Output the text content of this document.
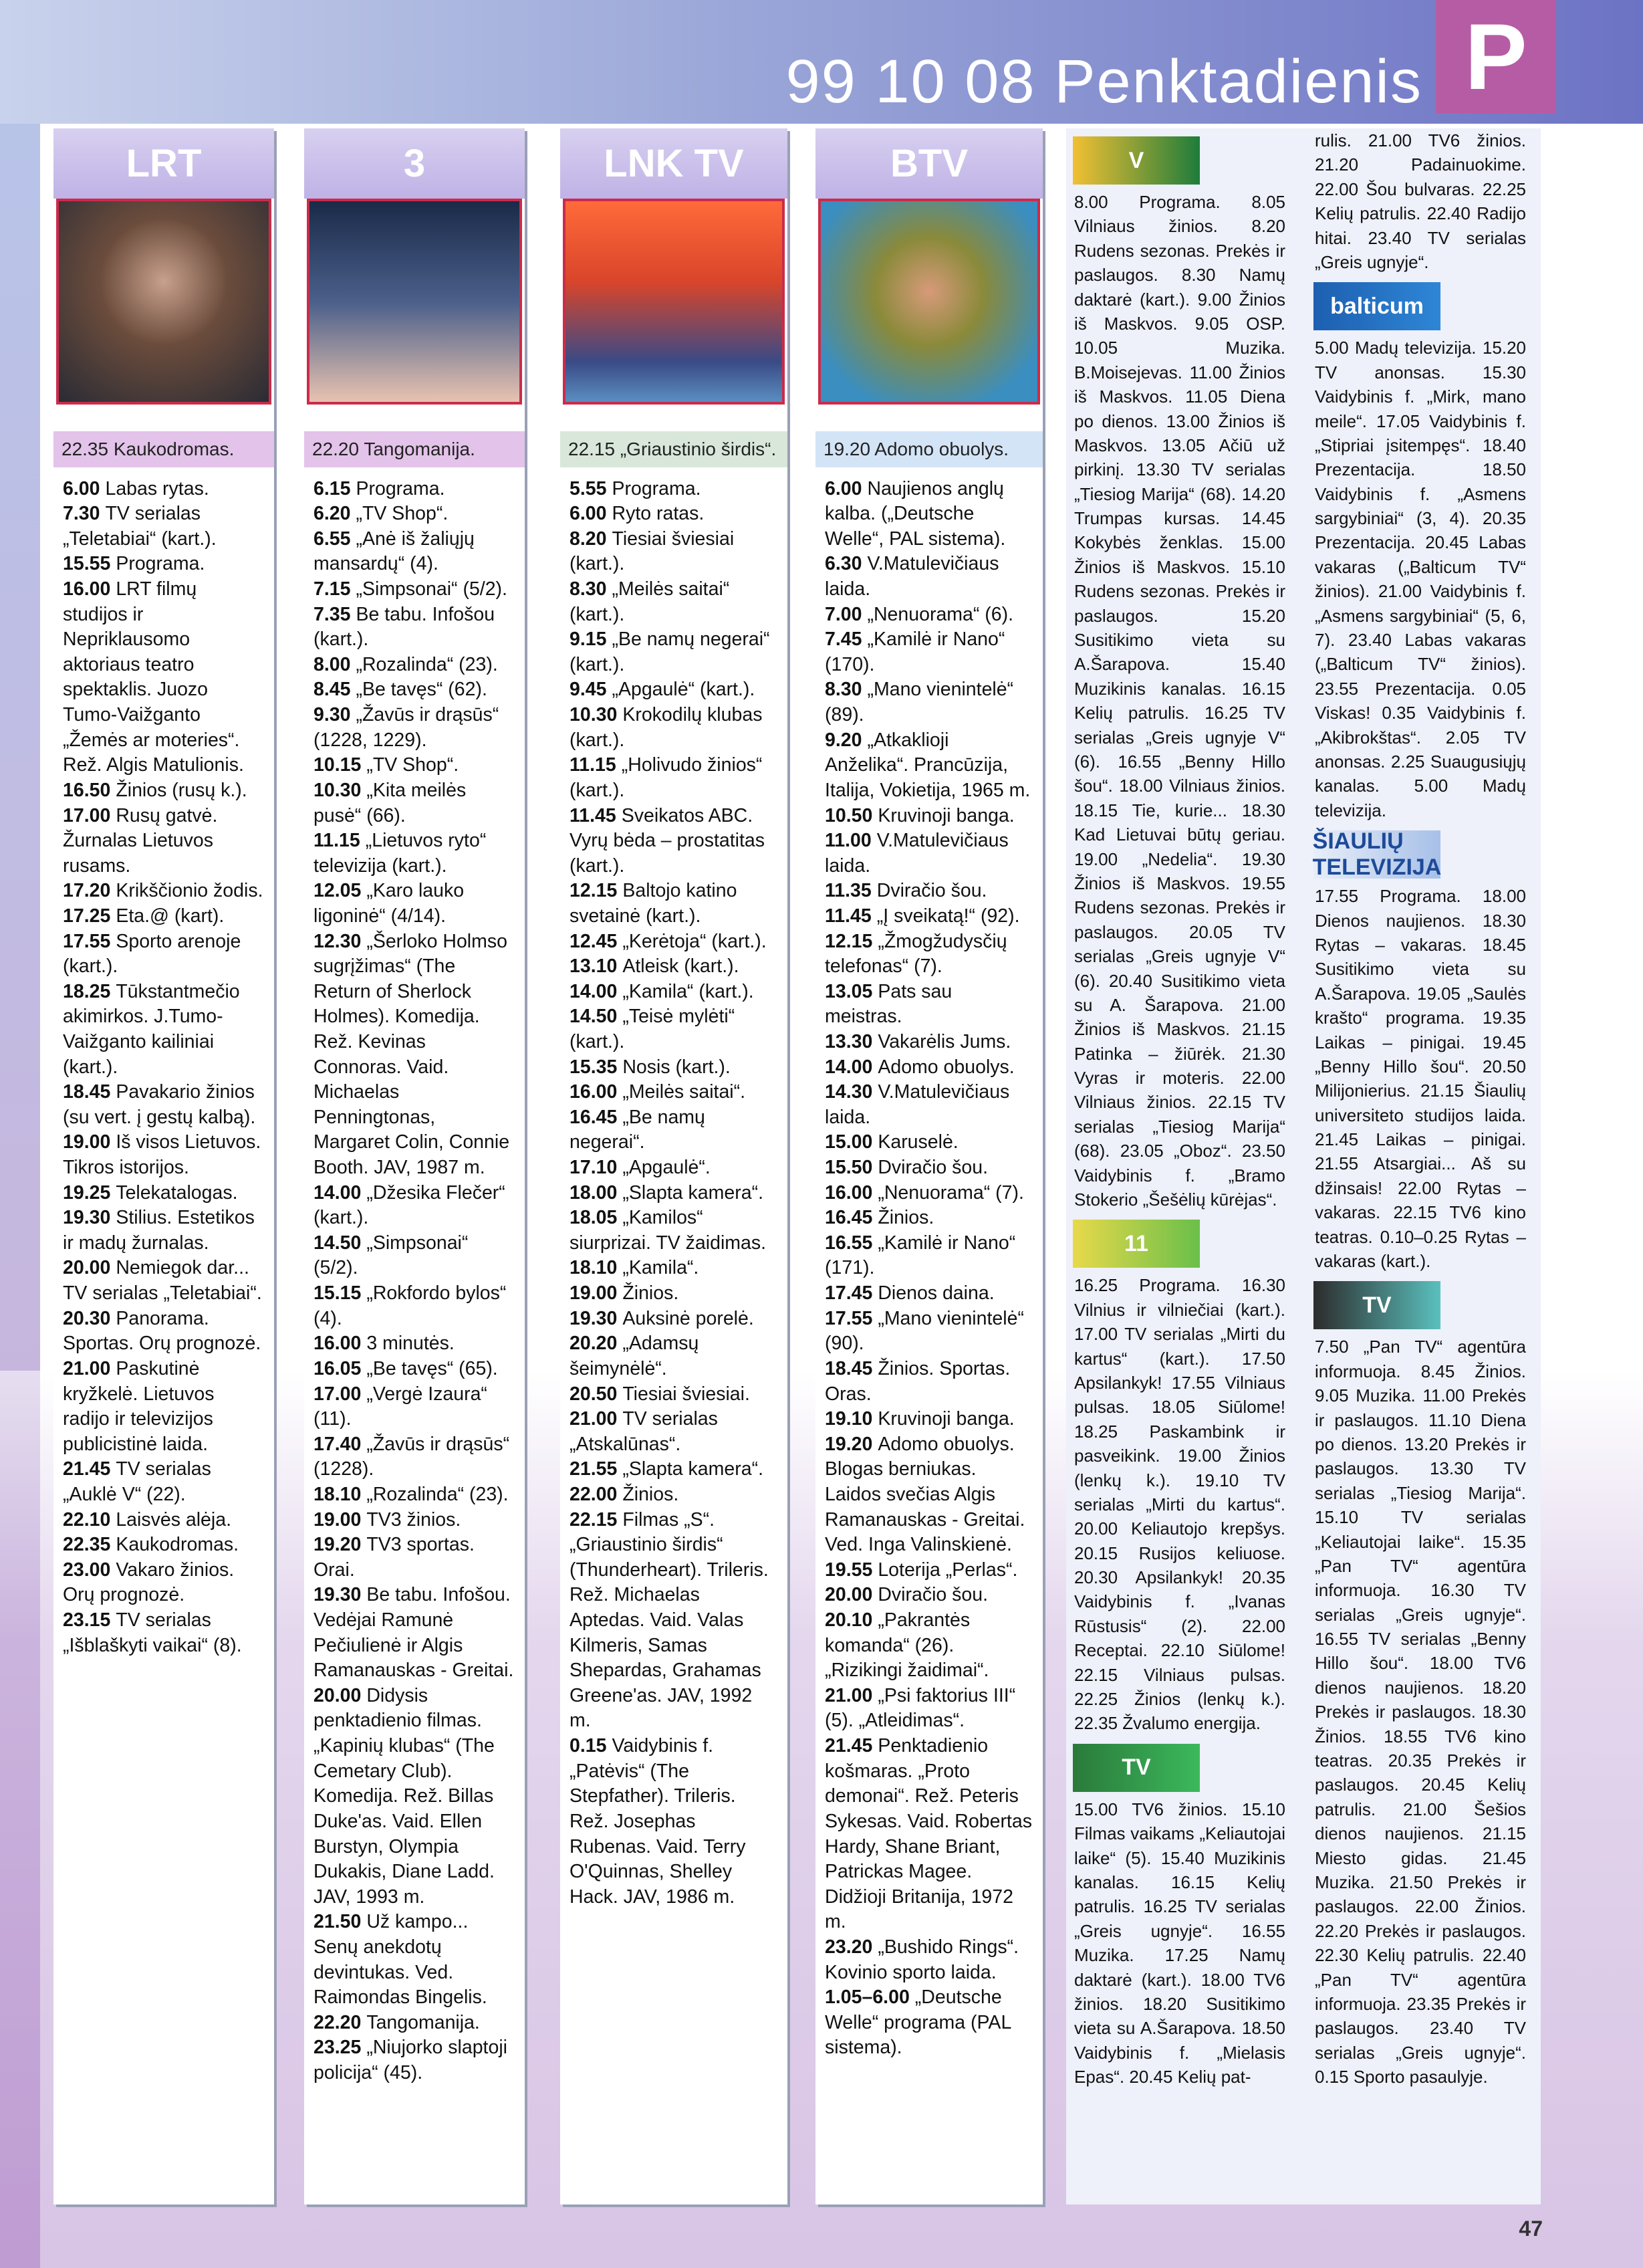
99 10 08 Penktadienis P
47
LRT
22.35 Kaukodromas.
6.00 Labas rytas.
7.30 TV serialas „Teletabiai“ (kart.).
15.55 Programa.
16.00 LRT filmų studijos ir Nepriklausomo aktoriaus teatro spektaklis. Juozo Tumo-Vaižganto „Žemės ar moteries“. Rež. Algis Matulionis.
16.50 Žinios (rusų k.).
17.00 Rusų gatvė. Žurnalas Lietuvos rusams.
17.20 Krikščionio žodis.
17.25 Eta.@ (kart).
17.55 Sporto arenoje (kart.).
18.25 Tūkstantmečio akimirkos. J.Tumo-Vaižganto kailiniai (kart.).
18.45 Pavakario žinios (su vert. į gestų kalbą).
19.00 Iš visos Lietuvos. Tikros istorijos.
19.25 Telekatalogas.
19.30 Stilius. Estetikos ir madų žurnalas.
20.00 Nemiegok dar... TV serialas „Teletabiai“.
20.30 Panorama. Sportas. Orų prognozė.
21.00 Paskutinė kryžkelė. Lietuvos radijo ir televizijos publicistinė laida.
21.45 TV serialas „Auklė V“ (22).
22.10 Laisvės alėja.
22.35 Kaukodromas.
23.00 Vakaro žinios. Orų prognozė.
23.15 TV serialas „Išblaškyti vaikai“ (8).
3
22.20 Tangomanija.
6.15 Programa.
6.20 „TV Shop“.
6.55 „Anė iš žaliųjų mansardų“ (4).
7.15 „Simpsonai“ (5/2).
7.35 Be tabu. Infošou (kart.).
8.00 „Rozalinda“ (23).
8.45 „Be tavęs“ (62).
9.30 „Žavūs ir drąsūs“ (1228, 1229).
10.15 „TV Shop“.
10.30 „Kita meilės pusė“ (66).
11.15 „Lietuvos ryto“ televizija (kart.).
12.05 „Karo lauko ligoninė“ (4/14).
12.30 „Šerloko Holmso sugrįžimas“ (The Return of Sherlock Holmes). Komedija. Rež. Kevinas Connoras. Vaid. Michaelas Penningtonas, Margaret Colin, Connie Booth. JAV, 1987 m.
14.00 „Džesika Flečer“ (kart.).
14.50 „Simpsonai“ (5/2).
15.15 „Rokfordo bylos“ (4).
16.00 3 minutės.
16.05 „Be tavęs“ (65).
17.00 „Vergė Izaura“ (11).
17.40 „Žavūs ir drąsūs“ (1228).
18.10 „Rozalinda“ (23).
19.00 TV3 žinios.
19.20 TV3 sportas. Orai.
19.30 Be tabu. Infošou. Vedėjai Ramunė Pečiulienė ir Algis Ramanauskas - Greitai.
20.00 Didysis penktadienio filmas. „Kapinių klubas“ (The Cemetary Club). Komedija. Rež. Billas Duke'as. Vaid. Ellen Burstyn, Olympia Dukakis, Diane Ladd. JAV, 1993 m.
21.50 Už kampo... Senų anekdotų devintukas. Ved. Raimondas Bingelis.
22.20 Tangomanija.
23.25 „Niujorko slaptoji policija“ (45).
LNK TV
22.15 „Griaustinio širdis“.
5.55 Programa.
6.00 Ryto ratas.
8.20 Tiesiai šviesiai (kart.).
8.30 „Meilės saitai“ (kart.).
9.15 „Be namų negerai“ (kart.).
9.45 „Apgaulė“ (kart.).
10.30 Krokodilų klubas (kart.).
11.15 „Holivudo žinios“ (kart.).
11.45 Sveikatos ABC. Vyrų bėda – prostatitas (kart.).
12.15 Baltojo katino svetainė (kart.).
12.45 „Kerėtoja“ (kart.).
13.10 Atleisk (kart.).
14.00 „Kamila“ (kart.).
14.50 „Teisė mylėti“ (kart.).
15.35 Nosis (kart.).
16.00 „Meilės saitai“.
16.45 „Be namų negerai“.
17.10 „Apgaulė“.
18.00 „Slapta kamera“.
18.05 „Kamilos“ siurprizai. TV žaidimas.
18.10 „Kamila“.
19.00 Žinios.
19.30 Auksinė porelė.
20.20 „Adamsų šeimynėlė“.
20.50 Tiesiai šviesiai.
21.00 TV serialas „Atskalūnas“.
21.55 „Slapta kamera“.
22.00 Žinios.
22.15 Filmas „S“. „Griaustinio širdis“ (Thunderheart). Trileris. Rež. Michaelas Aptedas. Vaid. Valas Kilmeris, Samas Shepardas, Grahamas Greene'as. JAV, 1992 m.
0.15 Vaidybinis f. „Patėvis“ (The Stepfather). Trileris. Rež. Josephas Rubenas. Vaid. Terry O'Quinnas, Shelley Hack. JAV, 1986 m.
BTV
19.20 Adomo obuolys.
6.00 Naujienos anglų kalba. („Deutsche Welle“, PAL sistema).
6.30 V.Matulevičiaus laida.
7.00 „Nenuorama“ (6).
7.45 „Kamilė ir Nano“ (170).
8.30 „Mano vienintelė“ (89).
9.20 „Atkaklioji Anželika“. Prancūzija, Italija, Vokietija, 1965 m.
10.50 Kruvinoji banga.
11.00 V.Matulevičiaus laida.
11.35 Dviračio šou.
11.45 „Į sveikatą!“ (92).
12.15 „Žmogžudysčių telefonas“ (7).
13.05 Pats sau meistras.
13.30 Vakarėlis Jums.
14.00 Adomo obuolys.
14.30 V.Matulevičiaus laida.
15.00 Karuselė.
15.50 Dviračio šou.
16.00 „Nenuorama“ (7).
16.45 Žinios.
16.55 „Kamilė ir Nano“ (171).
17.45 Dienos daina.
17.55 „Mano vienintelė“ (90).
18.45 Žinios. Sportas. Oras.
19.10 Kruvinoji banga.
19.20 Adomo obuolys. Blogas berniukas. Laidos svečias Algis Ramanauskas - Greitai. Ved. Inga Valinskienė.
19.55 Loterija „Perlas“.
20.00 Dviračio šou.
20.10 „Pakrantės komanda“ (26). „Rizikingi žaidimai“.
21.00 „Psi faktorius III“ (5). „Atleidimas“.
21.45 Penktadienio košmaras. „Proto demonai“. Rež. Peteris Sykesas. Vaid. Robertas Hardy, Shane Briant, Patrickas Magee. Didžioji Britanija, 1972 m.
23.20 „Bushido Rings“. Kovinio sporto laida.
1.05–6.00 „Deutsche Welle“ programa (PAL sistema).
V
8.00 Programa. 8.05 Vilniaus žinios. 8.20 Rudens sezonas. Prekės ir paslaugos. 8.30 Namų daktarė (kart.). 9.00 Žinios iš Maskvos. 9.05 OSP. 10.05 Muzika. B.Moisejevas. 11.00 Žinios iš Maskvos. 11.05 Diena po dienos. 13.00 Žinios iš Maskvos. 13.05 Ačiū už pirkinį. 13.30 TV serialas „Tiesiog Marija“ (68). 14.20 Trumpas kursas. 14.45 Kokybės ženklas. 15.00 Žinios iš Maskvos. 15.10 Rudens sezonas. Prekės ir paslaugos. 15.20 Susitikimo vieta su A.Šarapova. 15.40 Muzikinis kanalas. 16.15 Kelių patrulis. 16.25 TV serialas „Greis ugnyje V“ (6). 16.55 „Benny Hillo šou“. 18.00 Vilniaus žinios. 18.15 Tie, kurie... 18.30 Kad Lietuvai būtų geriau. 19.00 „Nedelia“. 19.30 Žinios iš Maskvos. 19.55 Rudens sezonas. Prekės ir paslaugos. 20.05 TV serialas „Greis ugnyje V“ (6). 20.40 Susitikimo vieta su A. Šarapova. 21.00 Žinios iš Maskvos. 21.15 Patinka – žiūrėk. 21.30 Vyras ir moteris. 22.00 Vilniaus žinios. 22.15 TV serialas „Tiesiog Marija“ (68). 23.05 „Oboz“. 23.50 Vaidybinis f. „Bramo Stokerio „Šešėlių kūrėjas“.
11
16.25 Programa. 16.30 Vilnius ir vilniečiai (kart.). 17.00 TV serialas „Mirti du kartus“ (kart.). 17.50 Apsilankyk! 17.55 Vilniaus pulsas. 18.05 Siūlome! 18.25 Paskambink ir pasveikink. 19.00 Žinios (lenkų k.). 19.10 TV serialas „Mirti du kartus“. 20.00 Keliautojo krepšys. 20.15 Rusijos keliuose. 20.30 Apsilankyk! 20.35 Vaidybinis f. „Ivanas Rūstusis“ (2). 22.00 Receptai. 22.10 Siūlome! 22.15 Vilniaus pulsas. 22.25 Žinios (lenkų k.). 22.35 Žvalumo energija.
TV
15.00 TV6 žinios. 15.10 Filmas vaikams „Keliautojai laike“ (5). 15.40 Muzikinis kanalas. 16.15 Kelių patrulis. 16.25 TV serialas „Greis ugnyje“. 16.55 Muzika. 17.25 Namų daktarė (kart.). 18.00 TV6 žinios. 18.20 Susitikimo vieta su A.Šarapova. 18.50 Vaidybinis f. „Mielasis Epas“. 20.45 Kelių pat-
rulis. 21.00 TV6 žinios. 21.20 Padainuokime. 22.00 Šou bulvaras. 22.25 Kelių patrulis. 22.40 Radijo hitai. 23.40 TV serialas „Greis ugnyje“.
balticum
5.00 Madų televizija. 15.20 TV anonsas. 15.30 Vaidybinis f. „Mirk, mano meile“. 17.05 Vaidybinis f. „Stipriai įsitempęs“. 18.40 Prezentacija. 18.50 Vaidybinis f. „Asmens sargybiniai“ (3, 4). 20.35 Prezentacija. 20.45 Labas vakaras („Balticum TV“ žinios). 21.00 Vaidybinis f. „Asmens sargybiniai“ (5, 6, 7). 23.40 Labas vakaras („Balticum TV“ žinios). 23.55 Prezentacija. 0.05 Viskas! 0.35 Vaidybinis f. „Akibrokštas“. 2.05 TV anonsas. 2.25 Suaugusiųjų kanalas. 5.00 Madų televizija.
ŠIAULIŲ TELEVIZIJA
17.55 Programa. 18.00 Dienos naujienos. 18.30 Rytas – vakaras. 18.45 Susitikimo vieta su A.Šarapova. 19.05 „Saulės krašto“ programa. 19.35 Laikas – pinigai. 19.45 „Benny Hillo šou“. 20.50 Milijonierius. 21.15 Šiaulių universiteto studijos laida. 21.45 Laikas – pinigai. 21.55 Atsargiai... Aš su džinsais! 22.00 Rytas – vakaras. 22.15 TV6 kino teatras. 0.10–0.25 Rytas – vakaras (kart.).
TV
7.50 „Pan TV“ agentūra informuoja. 8.45 Žinios. 9.05 Muzika. 11.00 Prekės ir paslaugos. 11.10 Diena po dienos. 13.20 Prekės ir paslaugos. 13.30 TV serialas „Tiesiog Marija“. 15.10 TV serialas „Keliautojai laike“. 15.35 „Pan TV“ agentūra informuoja. 16.30 TV serialas „Greis ugnyje“. 16.55 TV serialas „Benny Hillo šou“. 18.00 TV6 dienos naujienos. 18.20 Prekės ir paslaugos. 18.30 Žinios. 18.55 TV6 kino teatras. 20.35 Prekės ir paslaugos. 20.45 Kelių patrulis. 21.00 Šešios dienos naujienos. 21.15 Miesto gidas. 21.45 Muzika. 21.50 Prekės ir paslaugos. 22.00 Žinios. 22.20 Prekės ir paslaugos. 22.30 Kelių patrulis. 22.40 „Pan TV“ agentūra informuoja. 23.35 Prekės ir paslaugos. 23.40 TV serialas „Greis ugnyje“. 0.15 Sporto pasaulyje.
